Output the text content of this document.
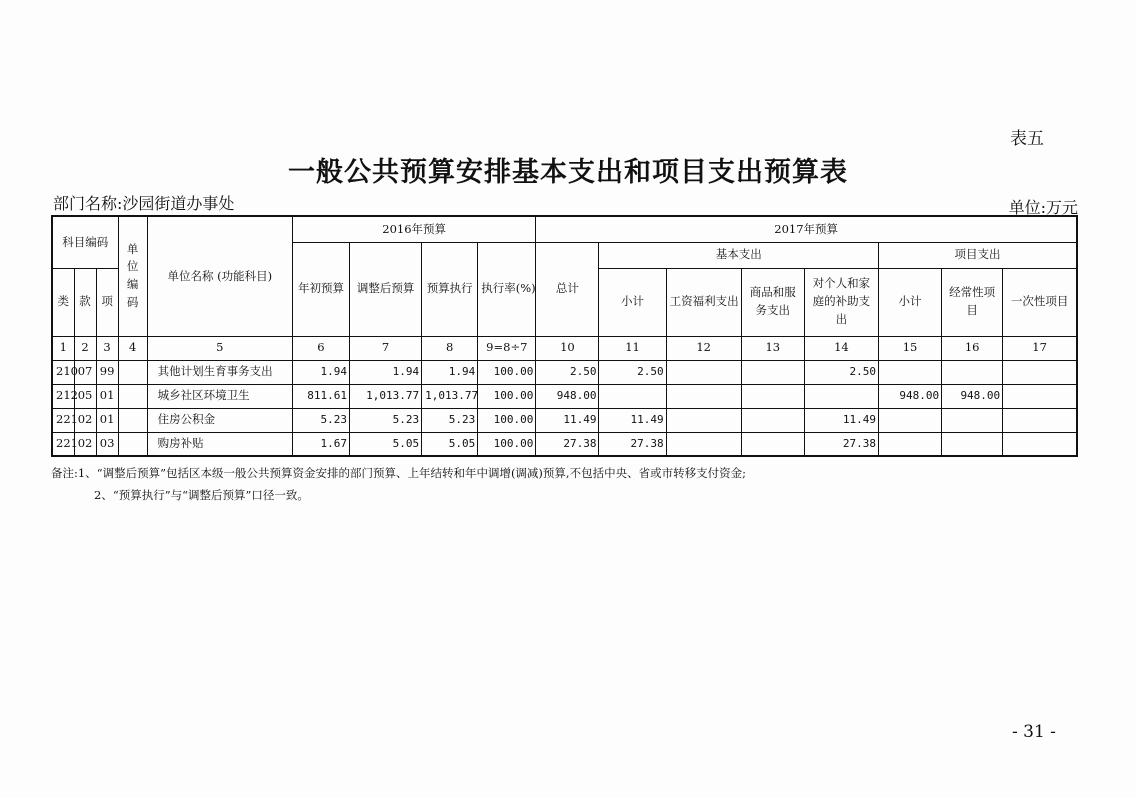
表五
一般公共预算安排基本支出和项目支出预算表
部门名称:沙园街道办事处	单位:万元
科目编码			单位编码	单位名称 (功能科目)	2016年预算				2017年预算							
					年初预算	调整后预算	预算执行	执行率(%)	总计	基本支出				项目支出		
类	款	项								小计	工资福利支出	商品和服务支出	对个人和家庭的补助支出	小计	经常性项目	一次性项目
1	2	3	4	5	6	7	8	9=8÷7	10	11	12	13	14	15	16	17
210	07	99		其他计划生育事务支出	1.94	1.94	1.94	100.00	2.50	2.50			2.50			
212	05	01		城乡社区环境卫生	811.61	1,013.77	1,013.77	100.00	948.00					948.00	948.00	
221	02	01		住房公积金	5.23	5.23	5.23	100.00	11.49	11.49			11.49			
221	02	03		购房补贴	1.67	5.05	5.05	100.00	27.38	27.38			27.38			
备注:1、“调整后预算”包括区本级一般公共预算资金安排的部门预算、上年结转和年中调增(调减)预算,不包括中央、省或市转移支付资金;
2、“预算执行”与“调整后预算”口径一致。
- 31 -
